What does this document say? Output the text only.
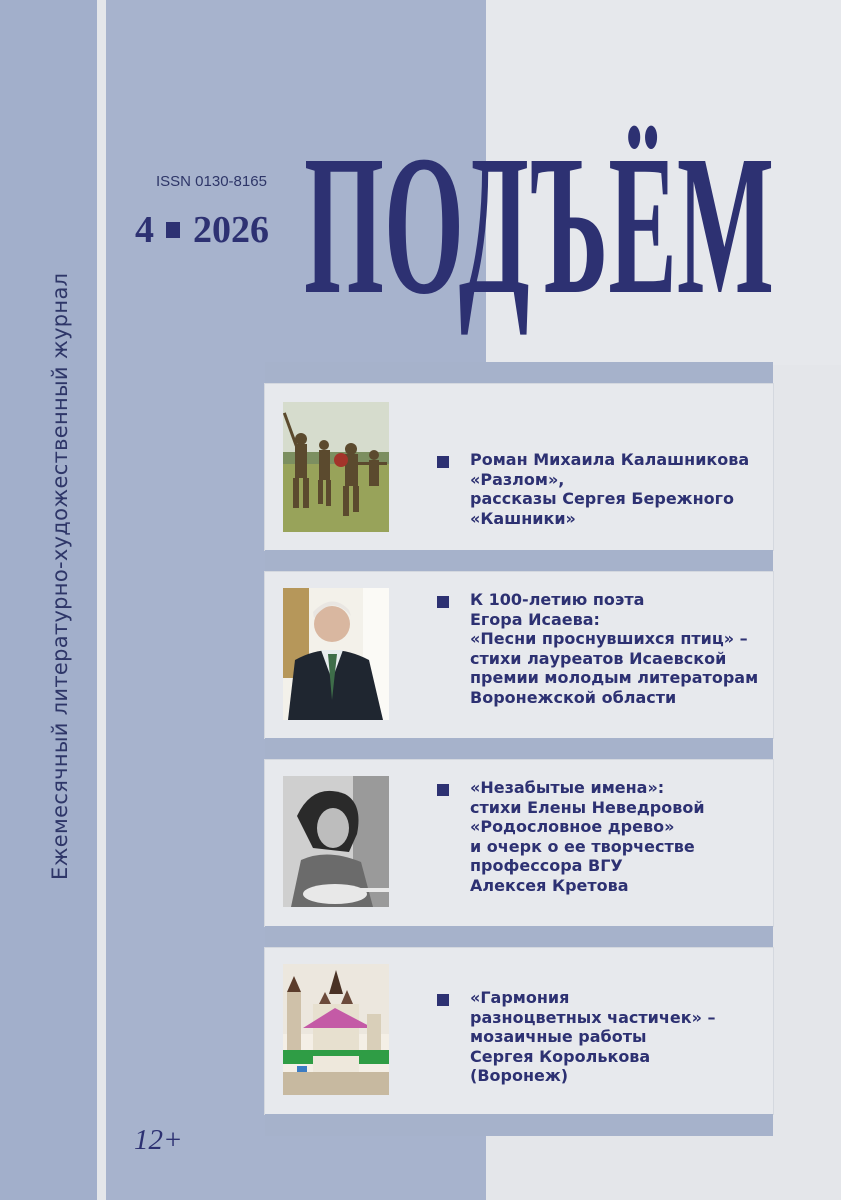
Ежемесячный литературно-художественный журнал
ISSN 0130-8165
4 2026 ПОДЪЁМ
Роман Михаила Калашникова
«Разлом»,
рассказы Сергея Бережного
«Кашники»
К 100-летию поэта
Егора Исаева:
«Песни проснувшихся птиц» –
стихи лауреатов Исаевской
премии молодым литераторам
Воронежской области
«Незабытые имена»:
стихи Елены Неведровой
«Родословное древо»
и очерк о ее творчестве
профессора ВГУ
Алексея Кретова
«Гармония
разноцветных частичек» –
мозаичные работы
Сергея Королькова
(Воронеж)
12+
